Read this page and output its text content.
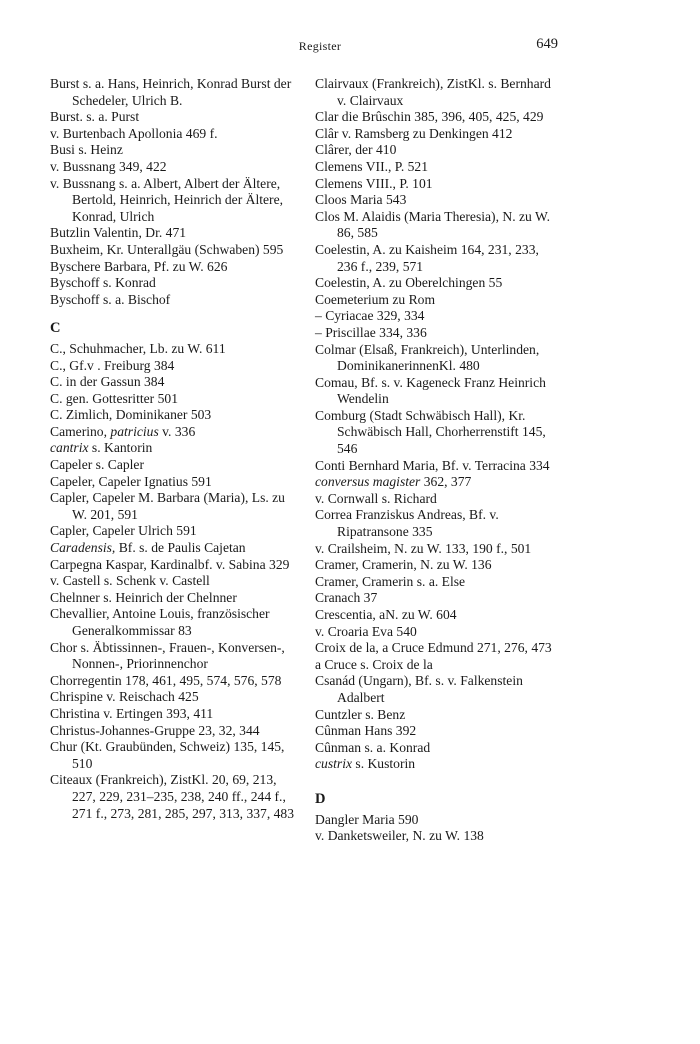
Register	649

Burst s. a. Hans, Heinrich, Konrad Burst der Schedeler, Ulrich B.

Burst. s. a. Purst

v. Burtenbach Apollonia 469 f.

Busi s. Heinz

v. Bussnang 349, 422

v. Bussnang s. a. Albert, Albert der Ältere, Bertold, Heinrich, Heinrich der Ältere, Konrad, Ulrich

Butzlin Valentin, Dr. 471

Buxheim, Kr. Unterallgäu (Schwaben) 595

Byschere Barbara, Pf. zu W. 626

Byschoff s. Konrad

Byschoff s. a. Bischof

C

C., Schuhmacher, Lb. zu W. 611

C., Gf.v . Freiburg 384

C. in der Gassun 384

C. gen. Gottesritter 501

C. Zimlich, Dominikaner 503

Camerino, patricius v. 336

cantrix s. Kantorin

Capeler s. Capler

Capeler, Capeler Ignatius 591

Capler, Capeler M. Barbara (Maria), Ls. zu W. 201, 591

Capler, Capeler Ulrich 591

Caradensis, Bf. s. de Paulis Cajetan

Carpegna Kaspar, Kardinalbf. v. Sabina 329

v. Castell s. Schenk v. Castell

Chelnner s. Heinrich der Chelnner

Chevallier, Antoine Louis, französischer Generalkommissar 83

Chor s. Äbtissinnen-, Frauen-, Konversen-, Nonnen-, Priorinnenchor

Chorregentin 178, 461, 495, 574, 576, 578

Chrispine v. Reischach 425

Christina v. Ertingen 393, 411

Christus-Johannes-Gruppe 23, 32, 344

Chur (Kt. Graubünden, Schweiz) 135, 145, 510

Citeaux (Frankreich), ZistKl. 20, 69, 213, 227, 229, 231–235, 238, 240 ff., 244 f., 271 f., 273, 281, 285, 297, 313, 337, 483

Clairvaux (Frankreich), ZistKl. s. Bernhard v. Clairvaux

Clar die Brûschin 385, 396, 405, 425, 429

Clâr v. Ramsberg zu Denkingen 412

Clârer, der 410

Clemens VII., P. 521

Clemens VIII., P. 101

Cloos Maria 543

Clos M. Alaidis (Maria Theresia), N. zu W. 86, 585

Coelestin, A. zu Kaisheim 164, 231, 233, 236 f., 239, 571

Coelestin, A. zu Oberelchingen 55

Coemeterium zu Rom

– Cyriacae 329, 334

– Priscillae 334, 336

Colmar (Elsaß, Frankreich), Unterlinden, DominikanerinnenKl. 480

Comau, Bf. s. v. Kageneck Franz Heinrich Wendelin

Comburg (Stadt Schwäbisch Hall), Kr. Schwäbisch Hall, Chorherrenstift 145, 546

Conti Bernhard Maria, Bf. v. Terracina 334

conversus magister 362, 377

v. Cornwall s. Richard

Correa Franziskus Andreas, Bf. v. Ripatransone 335

v. Crailsheim, N. zu W. 133, 190 f., 501

Cramer, Cramerin, N. zu W. 136

Cramer, Cramerin s. a. Else

Cranach 37

Crescentia, aN. zu W. 604

v. Croaria Eva 540

Croix de la, a Cruce Edmund 271, 276, 473

a Cruce s. Croix de la

Csanád (Ungarn), Bf. s. v. Falkenstein Adalbert

Cuntzler s. Benz

Cûnman Hans 392

Cûnman s. a. Konrad

custrix s. Kustorin

D

Dangler Maria 590

v. Danketsweiler, N. zu W. 138
